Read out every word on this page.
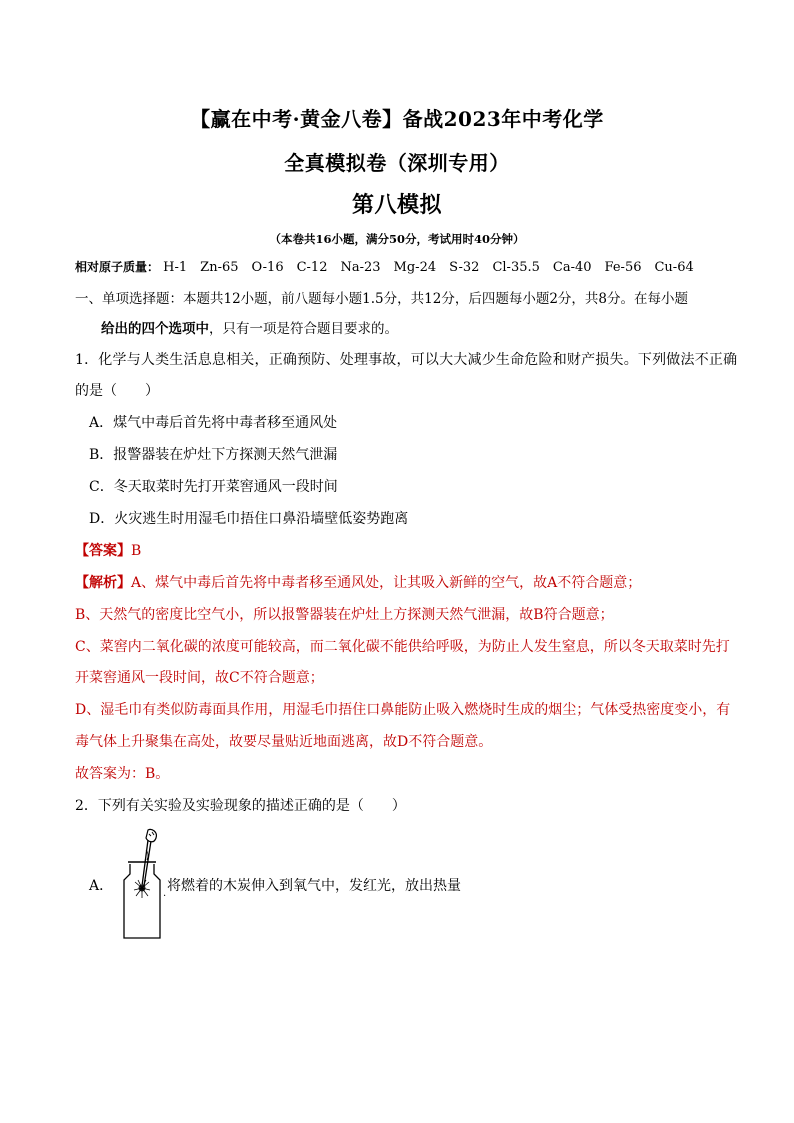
【赢在中考·黄金八卷】备战2023年中考化学
全真模拟卷（深圳专用）
第八模拟
（本卷共16小题，满分50分，考试用时40分钟）
相对原子质量： H-1 Zn-65 O-16 C-12 Na-23 Mg-24 S-32 Cl-35.5 Ca-40 Fe-56 Cu-64
一、单项选择题：本题共12小题，前八题每小题1.5分，共12分，后四题每小题2分，共8分。在每小题
给出的四个选项中，只有一项是符合题目要求的。
1．化学与人类生活息息相关，正确预防、处理事故，可以大大减少生命危险和财产损失。下列做法不正确
的是（　　）
A．煤气中毒后首先将中毒者移至通风处
B．报警器装在炉灶下方探测天然气泄漏
C．冬天取菜时先打开菜窖通风一段时间
D．火灾逃生时用湿毛巾捂住口鼻沿墙壁低姿势跑离
【答案】B
【解析】A、煤气中毒后首先将中毒者移至通风处，让其吸入新鲜的空气，故A不符合题意；
B、天然气的密度比空气小，所以报警器装在炉灶上方探测天然气泄漏，故B符合题意；
C、菜窖内二氧化碳的浓度可能较高，而二氧化碳不能供给呼吸，为防止人发生窒息，所以冬天取菜时先打
开菜窖通风一段时间，故C不符合题意；
D、湿毛巾有类似防毒面具作用，用湿毛巾捂住口鼻能防止吸入燃烧时生成的烟尘；气体受热密度变小，有
毒气体上升聚集在高处，故要尽量贴近地面逃离，故D不符合题意。
故答案为：B。
2．下列有关实验及实验现象的描述正确的是（　　）
A．	将燃着的木炭伸入到氧气中，发红光，放出热量
.
